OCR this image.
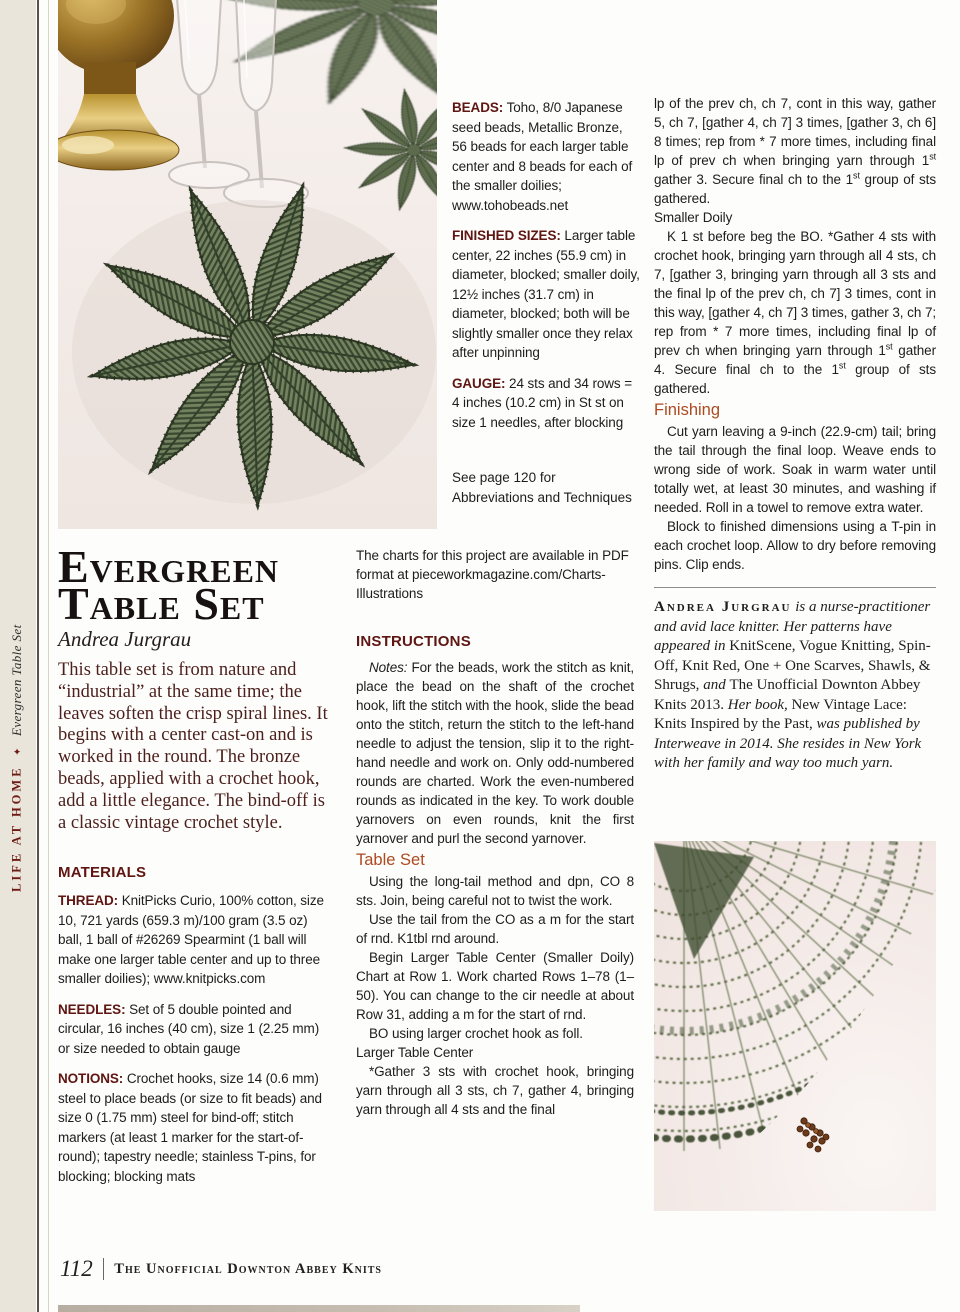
LIFE AT HOME
✦
Evergreen Table Set

BEADS: Toho, 8/0 Japanese seed beads, Metallic Bronze, 56 beads for each larger table center and 8 beads for each of the smaller doilies; www.tohobeads.net

FINISHED SIZES: Larger table center, 22 inches (55.9 cm) in diameter, blocked; smaller doily, 12½ inches (31.7 cm) in diameter, blocked; both will be slightly smaller once they relax after unpinning

GAUGE: 24 sts and 34 rows = 4 inches (10.2 cm) in St st on size 1 needles, after blocking

See page 120 for Abbreviations and Techniques

Evergreen
Table Set

Andrea Jurgrau

This table set is from nature and “industrial” at the same time; the leaves soften the crisp spiral lines. It begins with a center cast-on and is worked in the round. The bronze beads, applied with a crochet hook, add a little elegance. The bind-off is a classic vintage crochet style.

MATERIALS

THREAD: KnitPicks Curio, 100% cotton, size 10, 721 yards (659.3 m)/100 gram (3.5 oz) ball, 1 ball of #26269 Spearmint (1 ball will make one larger table center and up to three smaller doilies); www.knitpicks.com

NEEDLES: Set of 5 double pointed and circular, 16 inches (40 cm), size 1 (2.25 mm) or size needed to obtain gauge

NOTIONS: Crochet hooks, size 14 (0.6 mm) steel to place beads (or size to fit beads) and size 0 (1.75 mm) steel for bind-off; stitch markers (at least 1 marker for the start-of-round); tapestry needle; stainless T-pins, for blocking; blocking mats

The charts for this project are available in PDF format at pieceworkmagazine.com/Charts-Illustrations

INSTRUCTIONS

Notes: For the beads, work the stitch as knit, place the bead on the shaft of the crochet hook, lift the stitch with the hook, slide the bead onto the stitch, return the stitch to the left-hand needle to adjust the tension, slip it to the right-hand needle and work on. Only odd-numbered rounds are charted. Work the even-numbered rounds as indicated in the key. To work double yarnovers on even rounds, knit the first yarnover and purl the second yarnover.

Table Set

Using the long-tail method and dpn, CO 8 sts. Join, being careful not to twist the work.

Use the tail from the CO as a m for the start of rnd. K1tbl rnd around.

Begin Larger Table Center (Smaller Doily) Chart at Row 1. Work charted Rows 1–78 (1–50). You can change to the cir needle at about Row 31, adding a m for the start of rnd.

BO using larger crochet hook as foll.

Larger Table Center

*Gather 3 sts with crochet hook, bringing yarn through all 3 sts, ch 7, gather 4, bringing yarn through all 4 sts and the final

lp of the prev ch, ch 7, cont in this way, gather 5, ch 7, [gather 4, ch 7] 3 times, [gather 3, ch 6] 8 times; rep from * 7 more times, including final lp of prev ch when bringing yarn through 1st gather 3. Secure final ch to the 1st group of sts gathered.

Smaller Doily

K 1 st before beg the BO. *Gather 4 sts with crochet hook, bringing yarn through all 4 sts, ch 7, [gather 3, bringing yarn through all 3 sts and the final lp of the prev ch, ch 7] 3 times, cont in this way, [gather 4, ch 7] 3 times, gather 3, ch 7; rep from * 7 more times, including final lp of prev ch when bringing yarn through 1st gather 4. Secure final ch to the 1st group of sts gathered.

Finishing

Cut yarn leaving a 9-inch (22.9-cm) tail; bring the tail through the final loop. Weave ends to wrong side of work. Soak in warm water until totally wet, at least 30 minutes, and washing if needed. Roll in a towel to remove extra water.

Block to finished dimensions using a T-pin in each crochet loop. Allow to dry before removing pins. Clip ends.

Andrea Jurgrau is a nurse-practitioner and avid lace knitter. Her patterns have appeared in KnitScene, Vogue Knitting, Spin-Off, Knit Red, One + One Scarves, Shawls, & Shrugs, and The Unofficial Downton Abbey Knits 2013. Her book, New Vintage Lace: Knits Inspired by the Past, was published by Interweave in 2014. She resides in New York with her family and way too much yarn.

112 The Unofficial Downton Abbey Knits
